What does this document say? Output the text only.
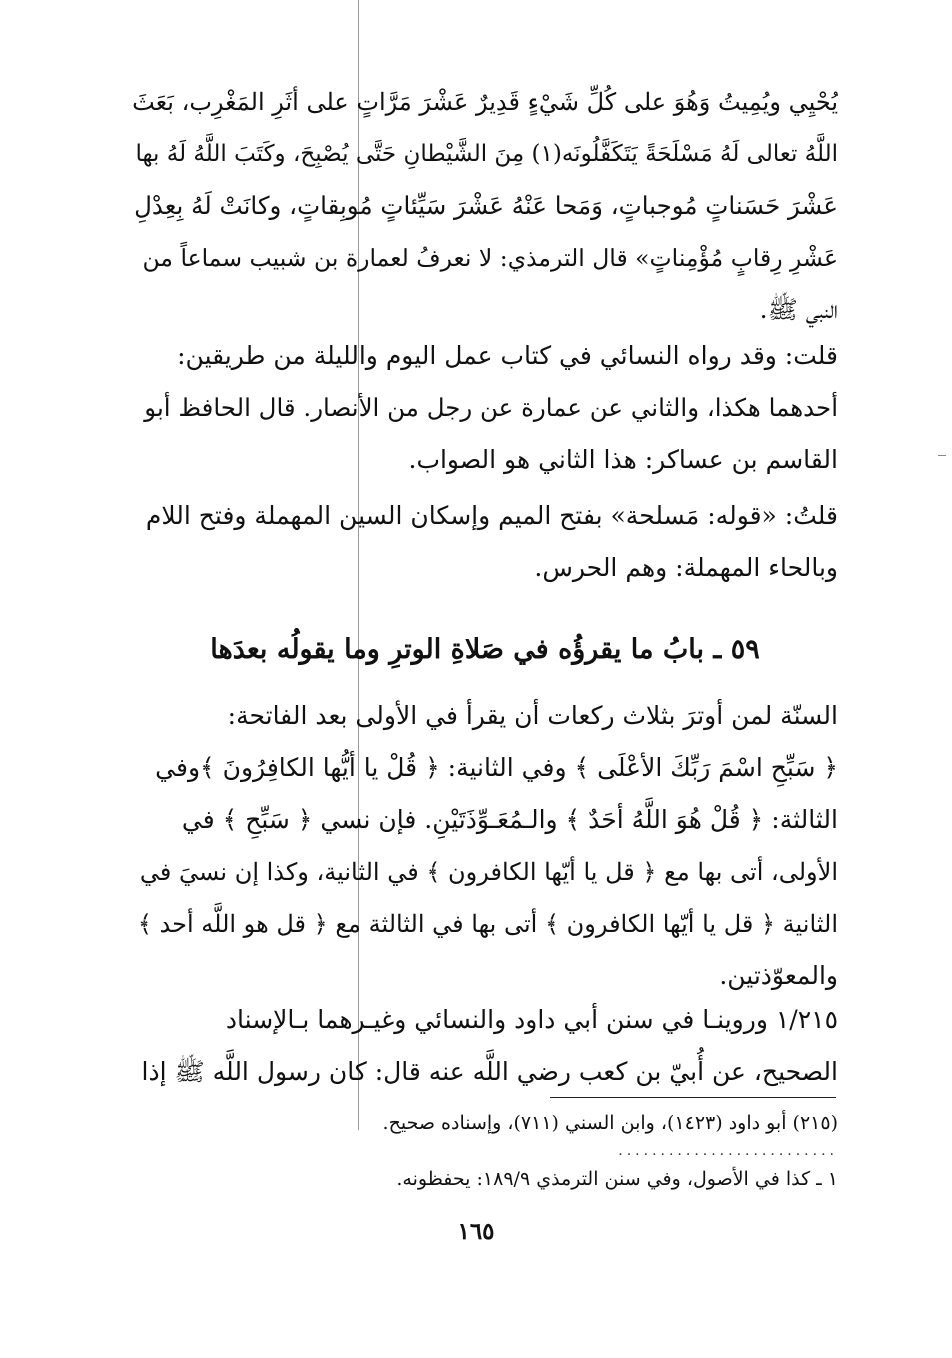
يُحْيِي ويُمِيتُ وَهُوَ على كُلِّ شَيْءٍ قَدِيرٌ عَشْرَ مَرَّاتٍ على أثَرِ المَغْرِب، بَعَثَ
اللَّهُ تعالى لَهُ مَسْلَحَةً يَتَكَفَّلُونَه(١) مِنَ الشَّيْطانِ حَتَّى يُصْبِحَ، وكَتَبَ اللَّهُ لَهُ بها
عَشْرَ حَسَناتٍ مُوجباتٍ، وَمَحا عَنْهُ عَشْرَ سَيِّئاتٍ مُوبِقاتٍ، وكانَتْ لَهُ بِعِدْلِ
عَشْرِ رِقابٍ مُؤْمِناتٍ» قال الترمذي: لا نعرفُ لعمارة بن شبيب سماعاً من
النبي ﷺ.
قلت: وقد رواه النسائي في كتاب عمل اليوم والليلة من طريقين:
أحدهما هكذا، والثاني عن عمارة عن رجل من الأنصار. قال الحافظ أبو
القاسم بن عساكر: هذا الثاني هو الصواب.
قلتُ: «قوله: مَسلحة» بفتح الميم وإسكان السين المهملة وفتح اللام
وبالحاء المهملة: وهم الحرس.
٥٩ ـ بابُ ما يقرؤُه في صَلاةِ الوترِ وما يقولُه بعدَها
السنّة لمن أوترَ بثلاث ركعات أن يقرأ في الأولى بعد الفاتحة:
﴿ سَبِّحِ اسْمَ رَبِّكَ الأعْلَى ﴾ وفي الثانية: ﴿ قُلْ يا أيُّها الكافِرُونَ ﴾وفي
الثالثة: ﴿ قُلْ هُوَ اللَّهُ أحَدٌ ﴾ والـمُعَـوِّذَتَيْنِ. فإن نسي ﴿ سَبِّحِ ﴾ في
الأولى، أتى بها مع ﴿ قل يا أيّها الكافرون ﴾ في الثانية، وكذا إن نسيَ في
الثانية ﴿ قل يا أيّها الكافرون ﴾ أتى بها في الثالثة مع ﴿ قل هو اللَّه أحد ﴾
والمعوّذتين.
١/٢١٥ وروينـا في سنن أبي داود والنسائي وغيـرهما بـالإسناد
الصحيح، عن أُبيّ بن كعب رضي اللَّه عنه قال: كان رسول اللَّه ﷺ إذا
(٢١٥) أبو داود (١٤٢٣)، وابن السني (٧١١)، وإسناده صحيح.
..........................
١ ـ كذا في الأصول، وفي سنن الترمذي ١٨٩/٩: يحفظونه.
١٦٥
